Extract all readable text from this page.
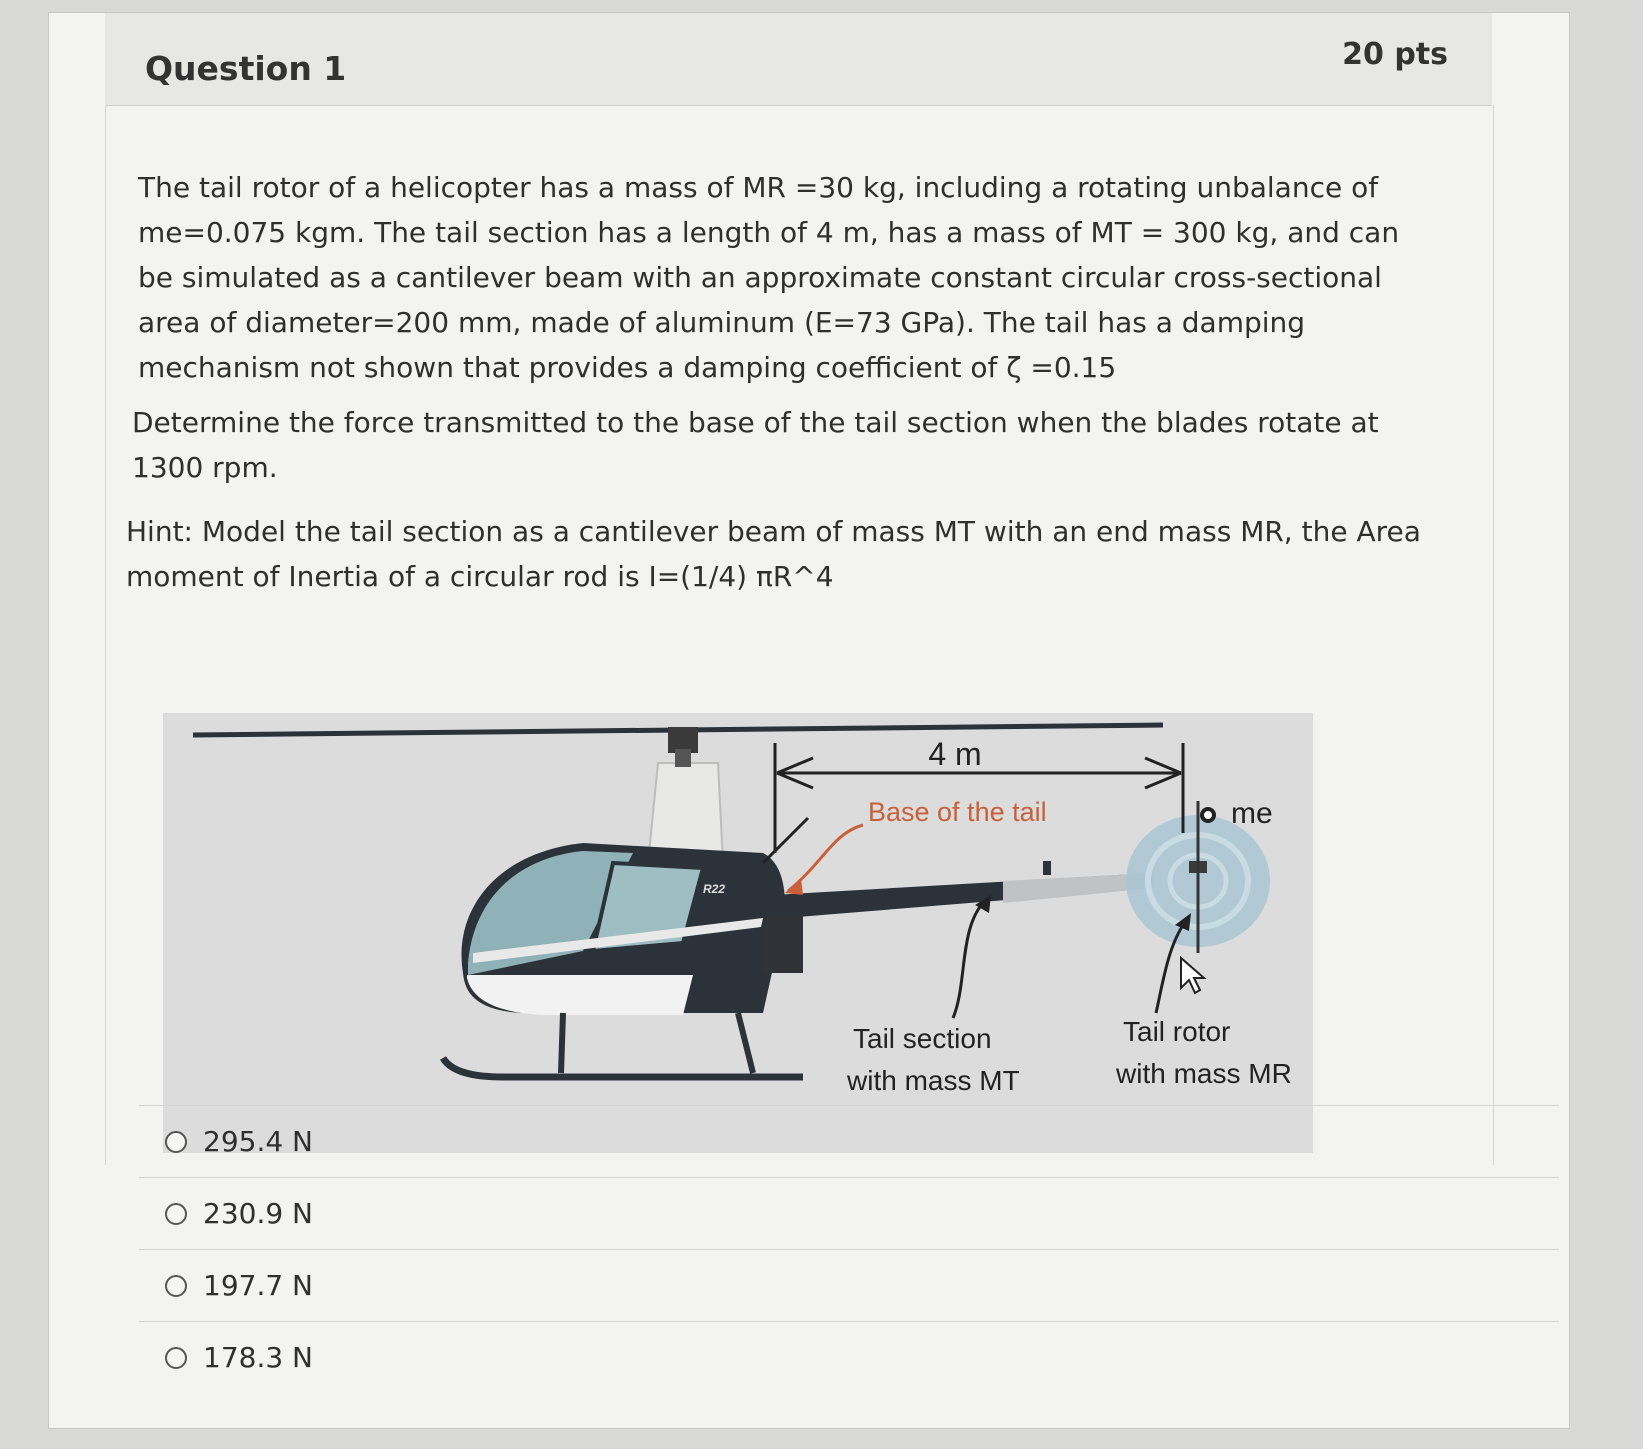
Question 1	20 pts
The tail rotor of a helicopter has a mass of MR =30 kg, including a rotating unbalance of me=0.075 kgm. The tail section has a length of 4 m, has a mass of MT = 300 kg, and can be simulated as a cantilever beam with an approximate constant circular cross-sectional area of diameter=200 mm, made of aluminum (E=73 GPa). The tail has a damping mechanism not shown that provides a damping coefficient of ζ =0.15
Determine the force transmitted to the base of the tail section when the blades rotate at 1300 rpm.
Hint: Model the tail section as a cantilever beam of mass MT with an end mass MR, the Area moment of Inertia of a circular rod is I=(1/4) πR^4
R22
4 m
Base of the tail	me
Tail section
with mass MT
Tail rotor
with mass MR
295.4 N
230.9 N
197.7 N
178.3 N
